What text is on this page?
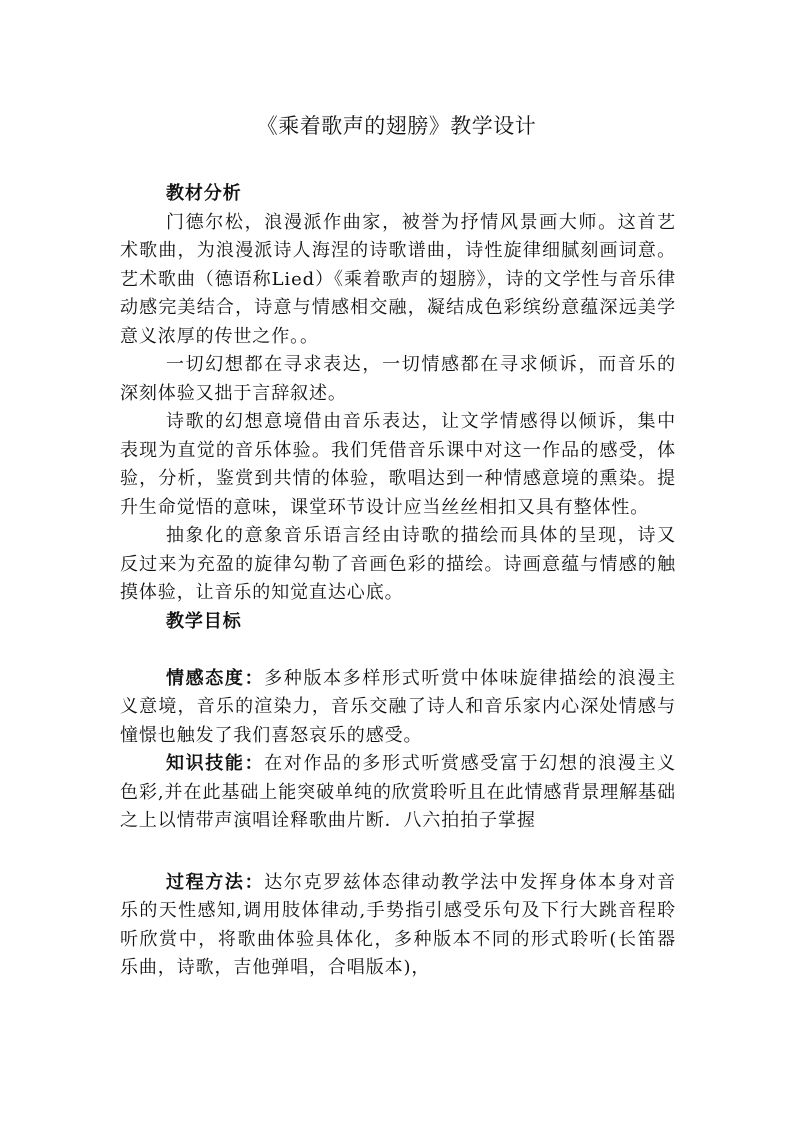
《乘着歌声的翅膀》教学设计

教材分析

门德尔松，浪漫派作曲家，被誉为抒情风景画大师。这首艺术歌曲，为浪漫派诗人海涅的诗歌谱曲，诗性旋律细腻刻画词意。艺术歌曲（德语称Lied）《乘着歌声的翅膀》，诗的文学性与音乐律动感完美结合，诗意与情感相交融，凝结成色彩缤纷意蕴深远美学意义浓厚的传世之作。。

一切幻想都在寻求表达，一切情感都在寻求倾诉，而音乐的深刻体验又拙于言辞叙述。

诗歌的幻想意境借由音乐表达，让文学情感得以倾诉，集中表现为直觉的音乐体验。我们凭借音乐课中对这一作品的感受，体验，分析，鉴赏到共情的体验，歌唱达到一种情感意境的熏染。提升生命觉悟的意味，课堂环节设计应当丝丝相扣又具有整体性。

抽象化的意象音乐语言经由诗歌的描绘而具体的呈现，诗又反过来为充盈的旋律勾勒了音画色彩的描绘。诗画意蕴与情感的触摸体验，让音乐的知觉直达心底。

教学目标

情感态度：多种版本多样形式听赏中体味旋律描绘的浪漫主义意境，音乐的渲染力，音乐交融了诗人和音乐家内心深处情感与憧憬也触发了我们喜怒哀乐的感受。

知识技能：在对作品的多形式听赏感受富于幻想的浪漫主义色彩,并在此基础上能突破单纯的欣赏聆听且在此情感背景理解基础之上以情带声演唱诠释歌曲片断．八六拍拍子掌握

过程方法：达尔克罗兹体态律动教学法中发挥身体本身对音乐的天性感知,调用肢体律动,手势指引感受乐句及下行大跳音程聆听欣赏中，将歌曲体验具体化，多种版本不同的形式聆听(长笛器乐曲，诗歌，吉他弹唱，合唱版本)，
